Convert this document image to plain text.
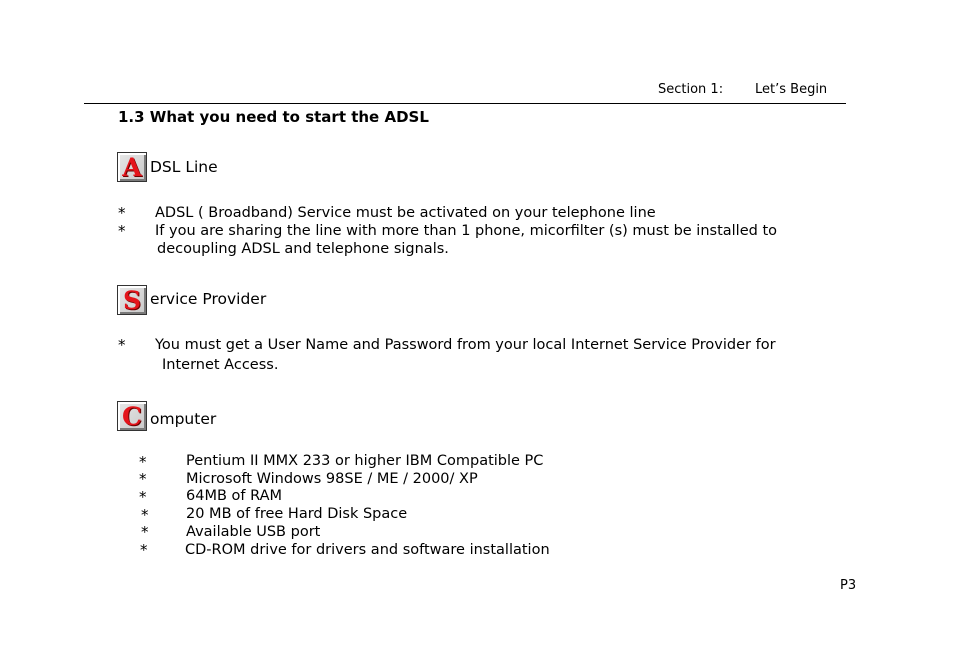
Section 1: Let’s Begin
1.3 What you need to start the ADSL
A DSL Line
* ADSL ( Broadband) Service must be activated on your telephone line
* If you are sharing the line with more than 1 phone, micorfilter (s) must be installed to
decoupling ADSL and telephone signals.
S ervice Provider
* You must get a User Name and Password from your local Internet Service Provider for
Internet Access.
C omputer
*	Pentium II MMX 233 or higher IBM Compatible PC
*	Microsoft Windows 98SE / ME / 2000/ XP
*	64MB of RAM
*	20 MB of free Hard Disk Space
*	Available USB port
*	CD-ROM drive for drivers and software installation
P3
